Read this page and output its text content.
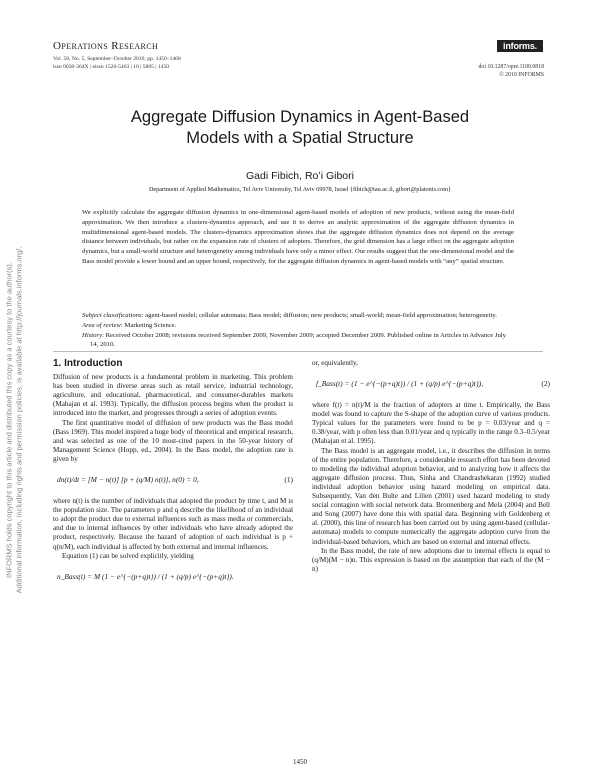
Operations Research
Vol. 58, No. 5, September–October 2010, pp. 1450–1468
issn 0030-364X | eissn 1526-5463 | 10 | 5805 | 1450
informs.
doi 10.1287/opre.1100.0818
© 2010 INFORMS
Aggregate Diffusion Dynamics in Agent-Based
Models with a Spatial Structure
Gadi Fibich, Ro’i Gibori
Department of Applied Mathematics, Tel Aviv University, Tel Aviv 69978, Israel {fibich@tau.ac.il, gibori@platonis.com}

We explicitly calculate the aggregate diffusion dynamics in one-dimensional agent-based models of adoption of new products, without using the mean-field approximation. We then introduce a clusters-dynamics approach, and use it to derive an analytic approximation of the aggregate diffusion dynamics in multidimensional agent-based models. The clusters-dynamics approximation shows that the aggregate diffusion dynamics does not depend on the average distance between individuals, but rather on the expansion rate of clusters of adopters. Therefore, the grid dimension has a large effect on the aggregate adoption dynamics, but a small-world structure and heterogeneity among individuals have only a minor effect. Our results suggest that the one-dimensional model and the Bass model provide a lower bound and an upper bound, respectively, for the aggregate diffusion dynamics in agent-based models with “any” spatial structure.

Subject classifications: agent-based model; cellular automata; Bass model; diffusion; new products; small-world; mean-field approximation; heterogeneity.

Area of review: Marketing Science.

History: Received October 2008; revisions received September 2009, November 2009; accepted December 2009. Published online in Articles in Advance July 14, 2010.

INFORMS holds copyright to this article and distributed this copy as a courtesy to the author(s). Additional information, including rights and permission policies, is available at http://journals.informs.org/.	1. Introduction

Diffusion of new products is a fundamental problem in marketing. This problem has been studied in diverse areas such as retail service, industrial technology, agriculture, and educational, pharmaceutical, and consumer-durables markets (Mahajan et al. 1993). Typically, the diffusion process begins when the product is introduced into the market, and progresses through a series of adoption events.

The first quantitative model of diffusion of new products was the Bass model (Bass 1969). This model inspired a huge body of theoretical and empirical research, and was selected as one of the 10 most-cited papers in the 50-year history of Management Science (Hopp, ed., 2004). In the Bass model, the adoption rate is given by

dn(t)/dt = [M − n(t)] [p + (q/M) n(t)], n(0) = 0,	(1)

where n(t) is the number of individuals that adopted the product by time t, and M is the population size. The parameters p and q describe the likelihood of an individual to adopt the product due to external influences such as mass media or commercials, and due to internal influences by other individuals who have already adopted the product, respectively. Because the hazard of adoption of each individual is p + q(n/M), each individual is affected by both external and internal influences.

Equation (1) can be solved explicitly, yielding

n_Bass(t) = M (1 − e^{−(p+q)t}) / (1 + (q/p) e^{−(p+q)t}).

or, equivalently,

f_Bass(t) = (1 − e^{−(p+q)t}) / (1 + (q/p) e^{−(p+q)t}),	(2)

where f(t) = n(t)/M is the fraction of adopters at time t. Empirically, the Bass model was found to capture the S-shape of the adoption curve of various products. Typical values for the parameters were found to be p = 0.03/year and q = 0.38/year, with p often less than 0.01/year and q typically in the range 0.3–0.5/year (Mahajan et al. 1995).

The Bass model is an aggregate model, i.e., it describes the diffusion in terms of the entire population. Therefore, a considerable research effort has been devoted to modeling the individual adoption behavior, and to analyzing how it affects the aggregate diffusion process. Thus, Sinha and Chandrashekaran (1992) studied individual adoption behavior using hazard modeling on empirical data. Subsequently, Van den Bulte and Lilien (2001) used hazard modeling to study social contagion with social network data. Bronnenberg and Mela (2004) and Bell and Song (2007) have done this with spatial data. Beginning with Goldenberg et al. (2000), this line of research has been carried out by using agent-based (cellular-automata) models to compute numerically the aggregate adoption curve from the individual-based behaviors, which are based on external and internal effects.

In the Bass model, the rate of new adoptions due to internal effects is equal to (q/M)(M − n)n. This expression is based on the assumption that each of the (M − n)

1450
